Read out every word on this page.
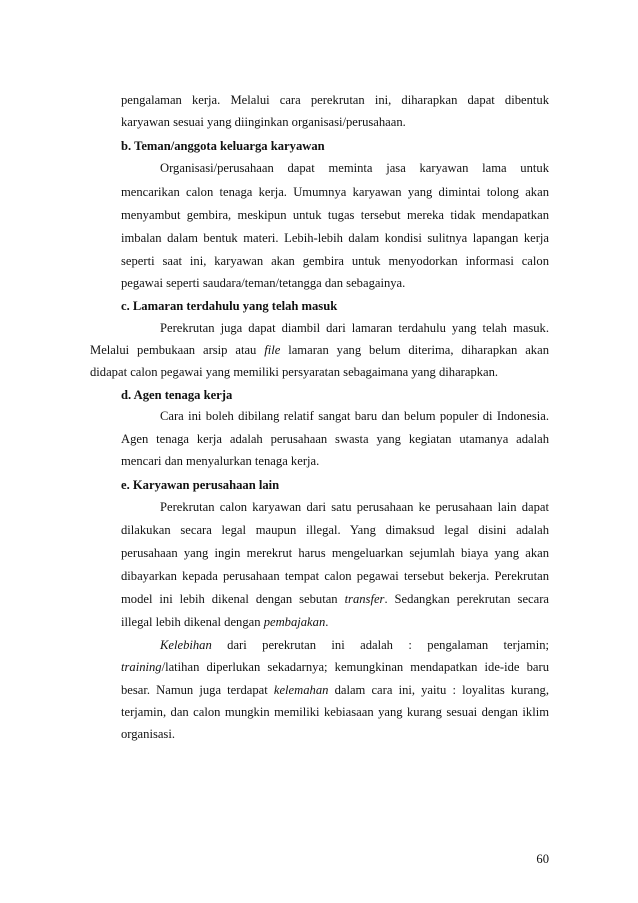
pengalaman kerja. Melalui cara perekrutan ini, diharapkan dapat dibentuk
karyawan sesuai yang diinginkan organisasi/perusahaan.
b. Teman/anggota keluarga karyawan
Organisasi/perusahaan dapat meminta jasa karyawan lama untuk
mencarikan calon tenaga kerja. Umumnya karyawan yang dimintai tolong akan
menyambut gembira, meskipun untuk tugas tersebut mereka tidak mendapatkan
imbalan dalam bentuk materi. Lebih-lebih dalam kondisi sulitnya lapangan kerja
seperti saat ini, karyawan akan gembira untuk menyodorkan informasi calon
pegawai seperti saudara/teman/tetangga dan sebagainya.
c. Lamaran terdahulu yang telah masuk
Perekrutan juga dapat diambil dari lamaran terdahulu yang telah masuk.
Melalui pembukaan arsip atau file lamaran yang belum diterima, diharapkan akan
didapat calon pegawai yang memiliki persyaratan sebagaimana yang diharapkan.
d. Agen tenaga kerja
Cara ini boleh dibilang relatif sangat baru dan belum populer di Indonesia.
Agen tenaga kerja adalah perusahaan swasta yang kegiatan utamanya adalah
mencari dan menyalurkan tenaga kerja.
e. Karyawan perusahaan lain
Perekrutan calon karyawan dari satu perusahaan ke perusahaan lain dapat
dilakukan secara legal maupun illegal. Yang dimaksud legal disini adalah
perusahaan yang ingin merekrut harus mengeluarkan sejumlah biaya yang akan
dibayarkan kepada perusahaan tempat calon pegawai tersebut bekerja. Perekrutan
model ini lebih dikenal dengan sebutan transfer. Sedangkan perekrutan secara
illegal lebih dikenal dengan pembajakan.
Kelebihan dari perekrutan ini adalah : pengalaman terjamin;
training/latihan diperlukan sekadarnya; kemungkinan mendapatkan ide-ide baru
besar. Namun juga terdapat kelemahan dalam cara ini, yaitu : loyalitas kurang,
terjamin, dan calon mungkin memiliki kebiasaan yang kurang sesuai dengan iklim
organisasi.
60
